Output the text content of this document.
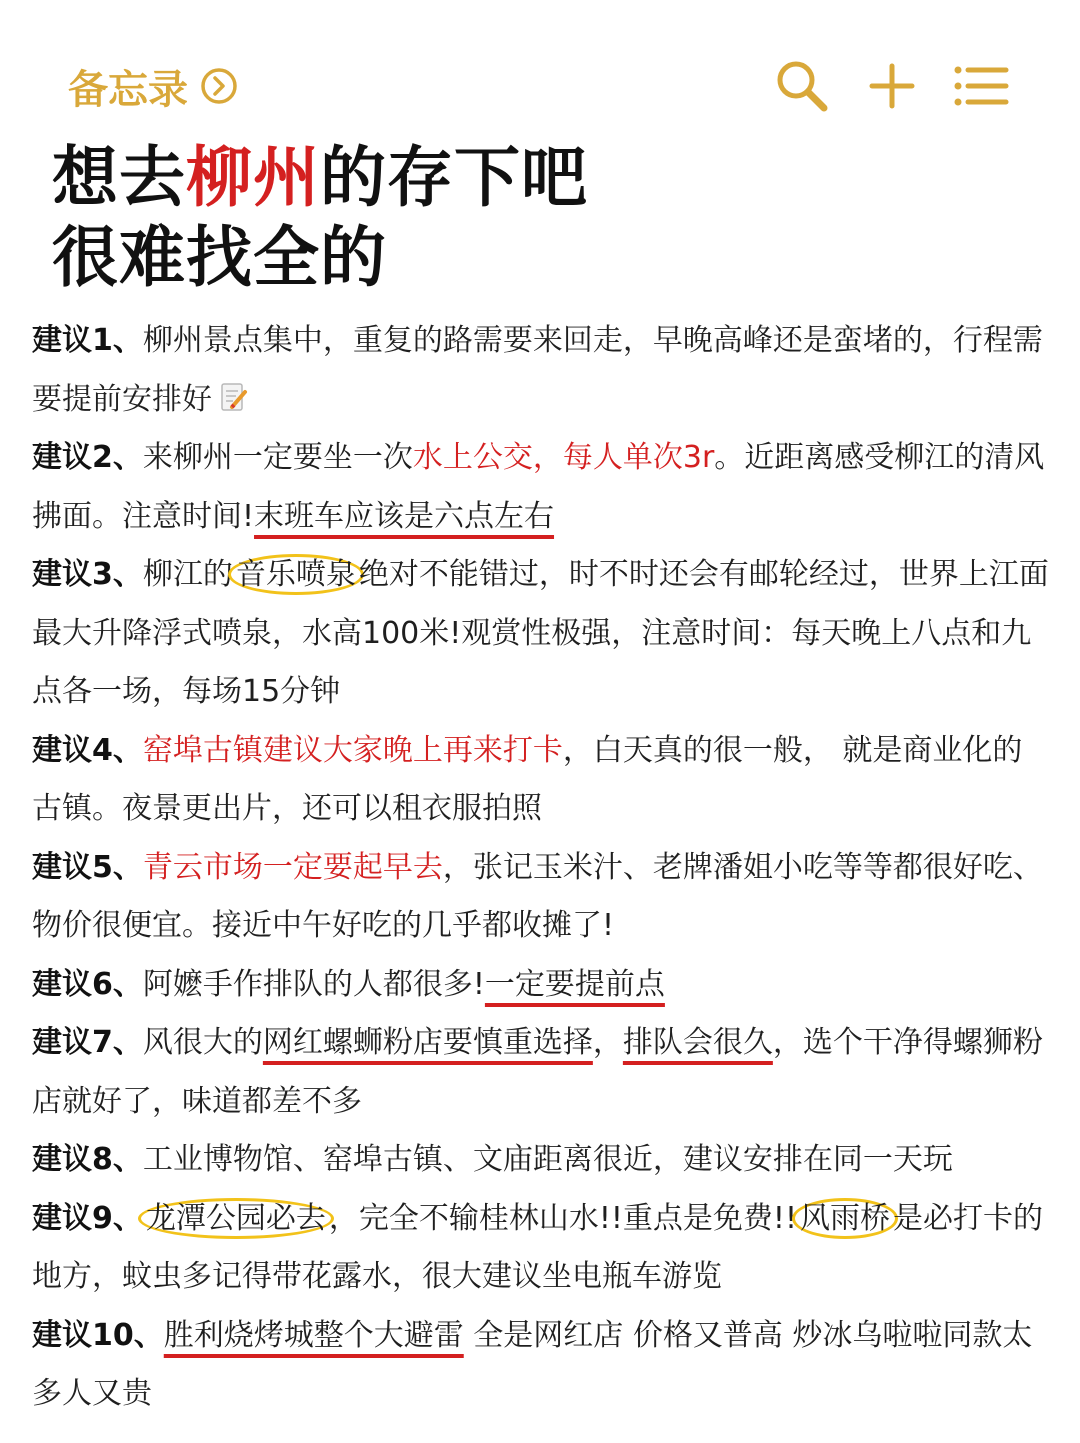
备忘录
想去柳州的存下吧
很难找全的

建议1、柳州景点集中，重复的路需要来回走，早晚高峰还是蛮堵的，行程需要提前安排好

建议2、来柳州一定要坐一次水上公交，每人单次3r。近距离感受柳江的清风拂面。注意时间!末班车应该是六点左右

建议3、柳江的 音乐喷泉 绝对不能错过，时不时还会有邮轮经过，世界上江面最大升降浮式喷泉，水高100米!观赏性极强，注意时间：每天晚上八点和九点各一场，每场15分钟

建议4、窑埠古镇建议大家晚上再来打卡，白天真的很一般， 就是商业化的古镇。夜景更出片，还可以租衣服拍照

建议5、青云市场一定要起早去，张记玉米汁、老牌潘姐小吃等等都很好吃、物价很便宜。接近中午好吃的几乎都收摊了!

建议6、阿嬷手作排队的人都很多!一定要提前点

建议7、风很大的网红螺蛳粉店要慎重选择，排队会很久，选个干净得螺狮粉店就好了，味道都差不多

建议8、工业博物馆、窑埠古镇、文庙距离很近，建议安排在同一天玩

建议9、 龙潭公园必去 ，完全不输桂林山水!!重点是免费!! 风雨桥 是必打卡的地方，蚊虫多记得带花露水，很大建议坐电瓶车游览

建议10、胜利烧烤城整个大避雷 全是网红店 价格又普高 炒冰乌啦啦同款太多人又贵
